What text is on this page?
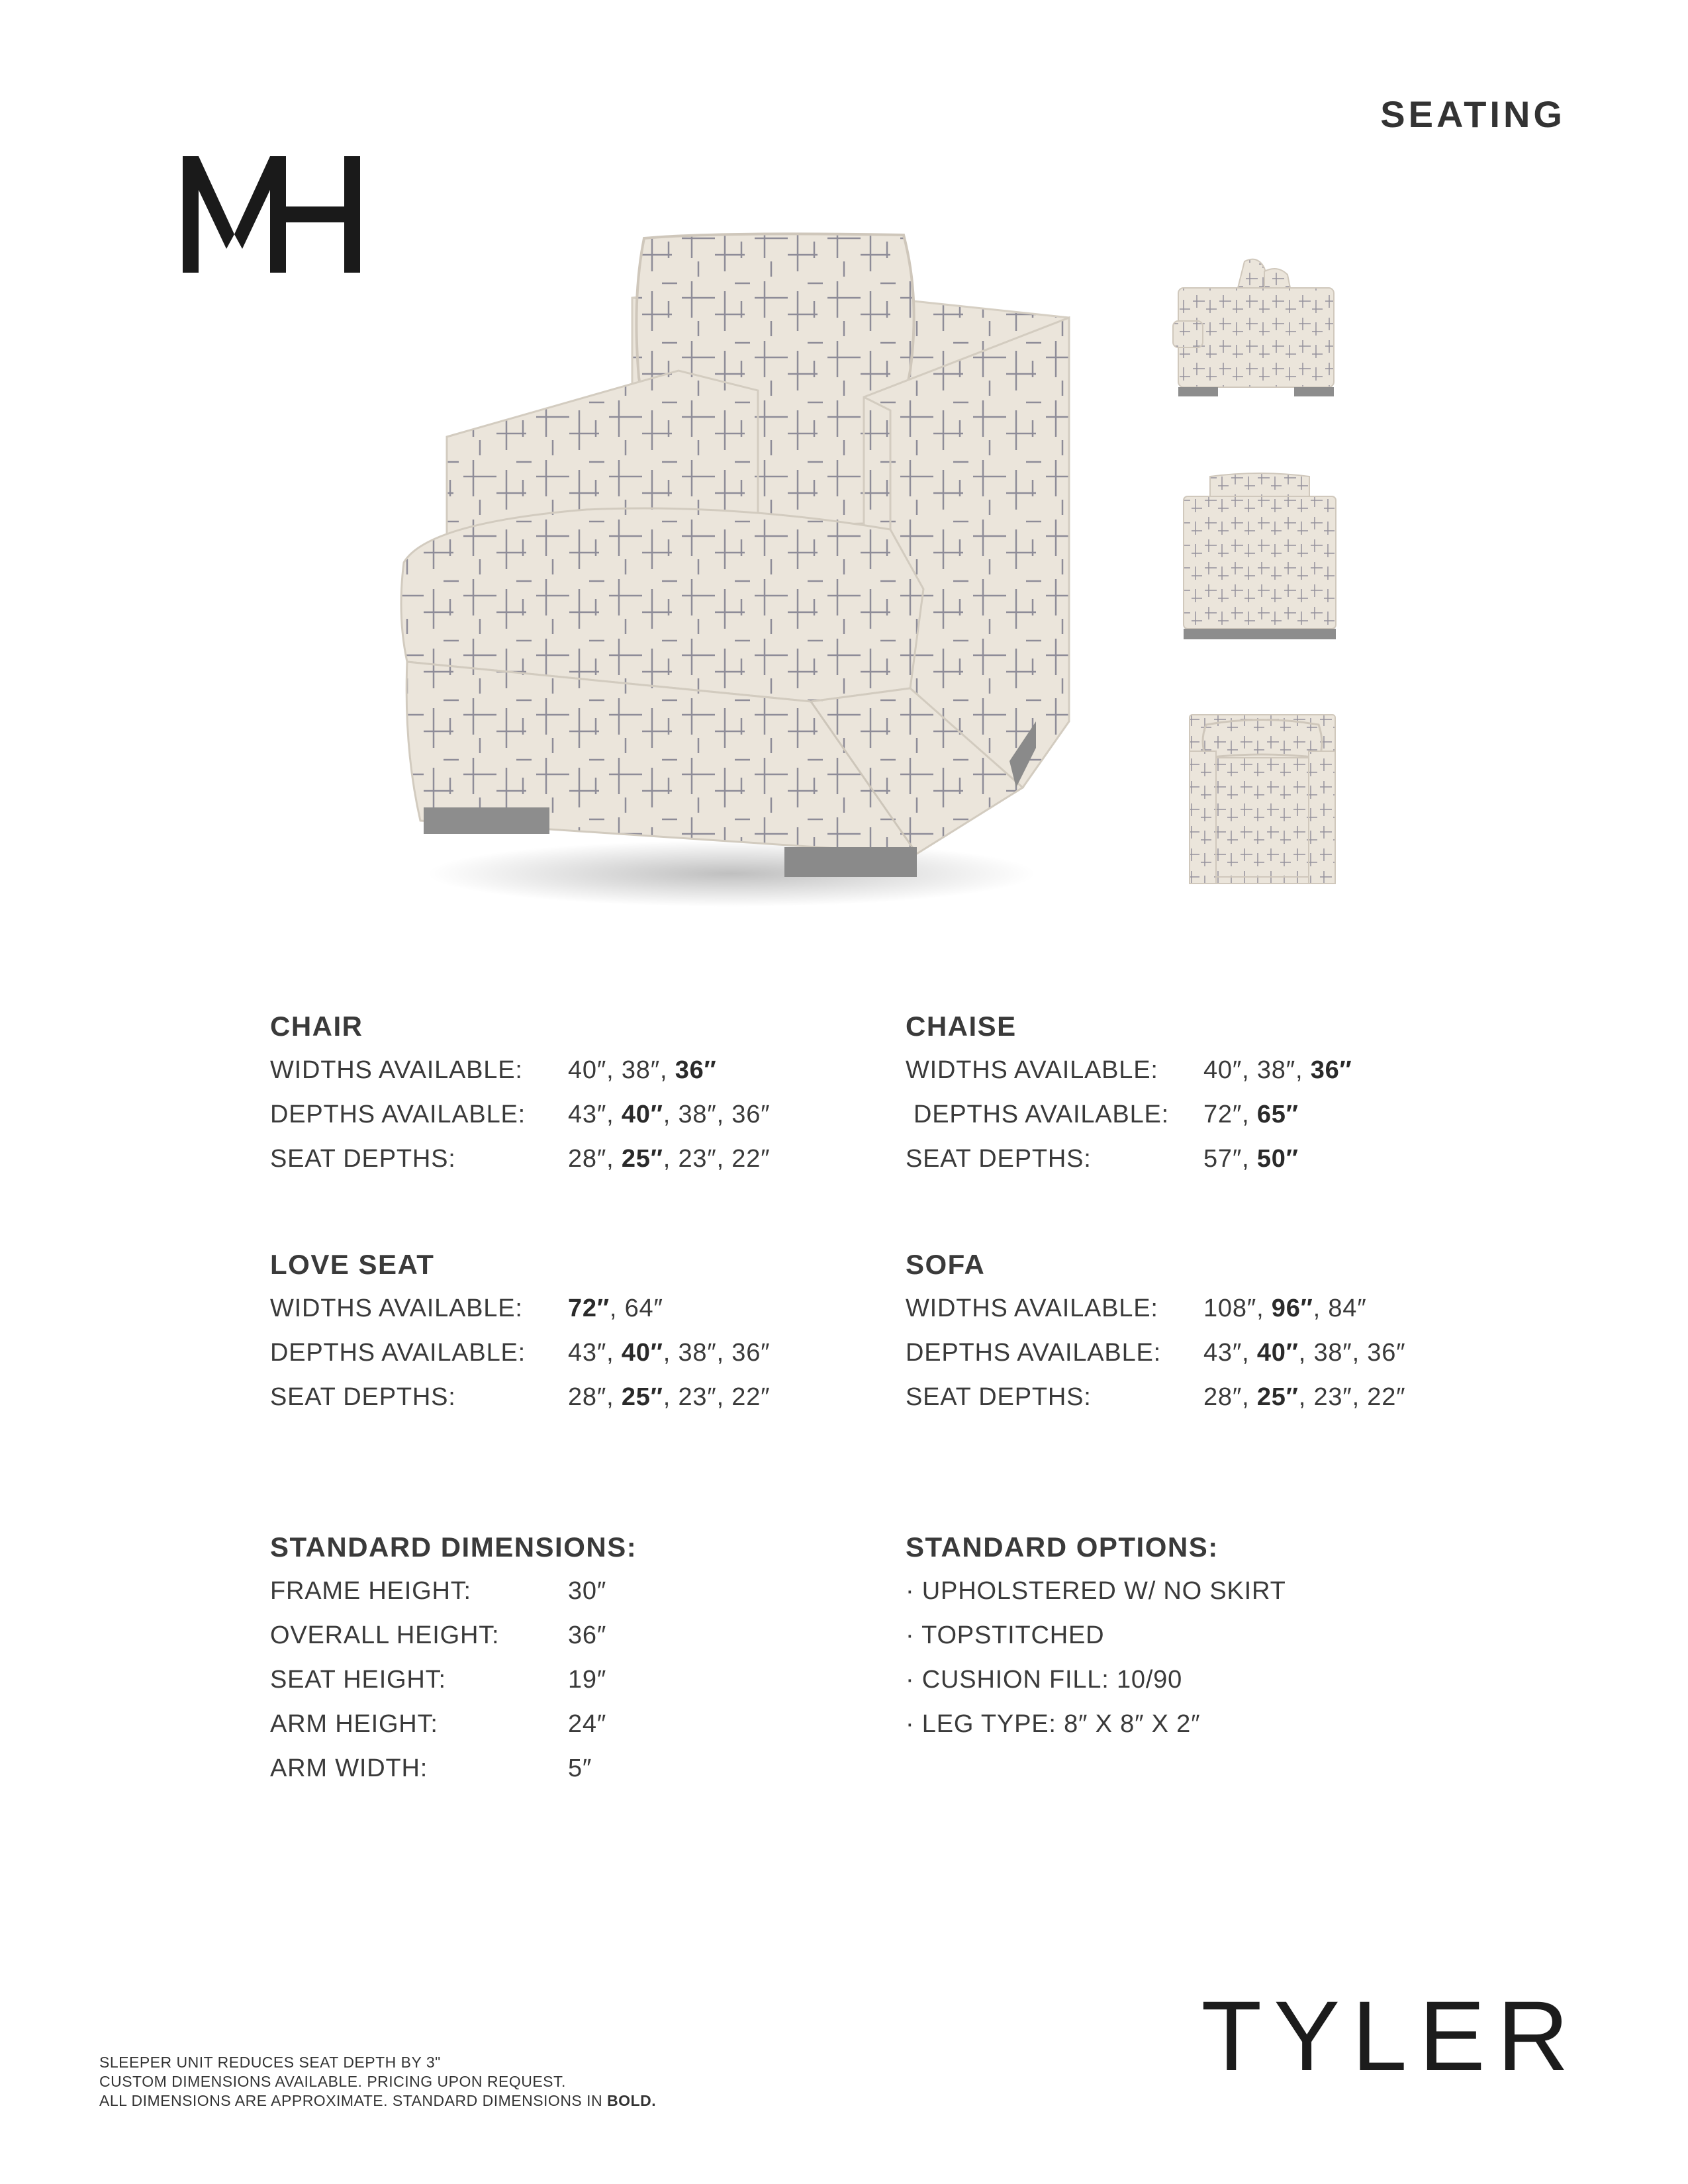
SEATING
CHAIR
WIDTHS AVAILABLE:	40″, 38″, 36″
DEPTHS AVAILABLE:	43″, 40″, 38″, 36″
SEAT DEPTHS:	28″, 25″, 23″, 22″
CHAISE
WIDTHS AVAILABLE:	40″, 38″, 36″
DEPTHS AVAILABLE:	72″, 65″
SEAT DEPTHS:	57″, 50″
LOVE SEAT
WIDTHS AVAILABLE:	72″, 64″
DEPTHS AVAILABLE:	43″, 40″, 38″, 36″
SEAT DEPTHS:	28″, 25″, 23″, 22″
SOFA
WIDTHS AVAILABLE:	108″, 96″, 84″
DEPTHS AVAILABLE:	43″, 40″, 38″, 36″
SEAT DEPTHS:	28″, 25″, 23″, 22″
STANDARD DIMENSIONS:
FRAME HEIGHT:	30″
OVERALL HEIGHT:	36″
SEAT HEIGHT:	19″
ARM HEIGHT:	24″
ARM WIDTH:	5″
STANDARD OPTIONS:
· UPHOLSTERED W/ NO SKIRT
· TOPSTITCHED
· CUSHION FILL: 10/90
· LEG TYPE: 8″ X 8″ X 2″
TYLER
SLEEPER UNIT REDUCES SEAT DEPTH BY 3"
CUSTOM DIMENSIONS AVAILABLE. PRICING UPON REQUEST.
ALL DIMENSIONS ARE APPROXIMATE. STANDARD DIMENSIONS IN BOLD.
